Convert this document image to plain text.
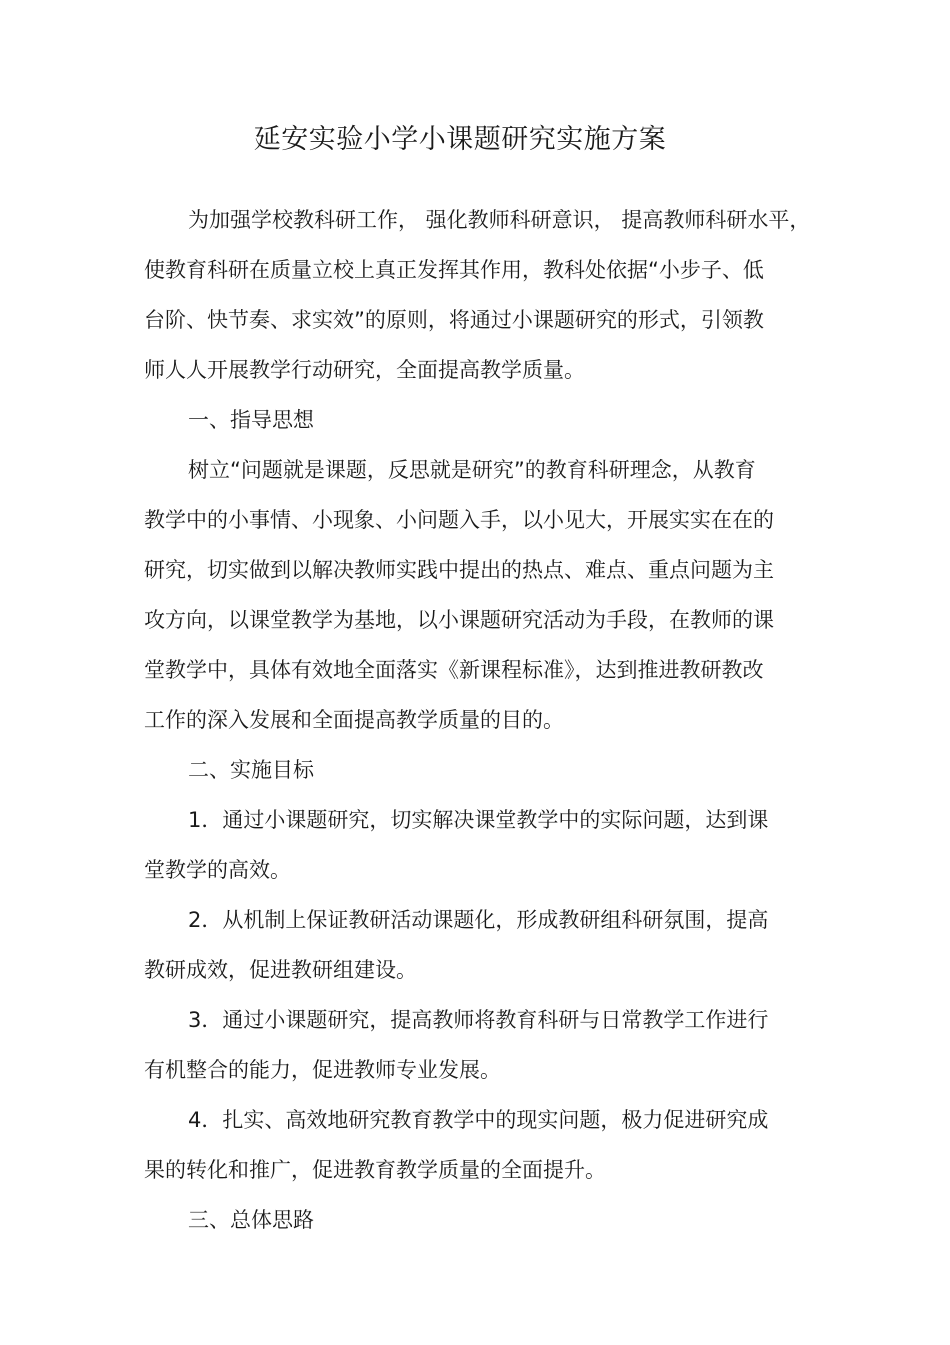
延安实验小学小课题研究实施方案
为加强学校教科研工作， 强化教师科研意识， 提高教师科研水平，
使教育科研在质量立校上真正发挥其作用，教科处依据“小步子、低
台阶、快节奏、求实效”的原则，将通过小课题研究的形式，引领教
师人人开展教学行动研究，全面提高教学质量。
一、指导思想
树立“问题就是课题，反思就是研究”的教育科研理念，从教育
教学中的小事情、小现象、小问题入手，以小见大，开展实实在在的
研究，切实做到以解决教师实践中提出的热点、难点、重点问题为主
攻方向，以课堂教学为基地，以小课题研究活动为手段，在教师的课
堂教学中，具体有效地全面落实《新课程标准》，达到推进教研教改
工作的深入发展和全面提高教学质量的目的。
二、实施目标
1．通过小课题研究，切实解决课堂教学中的实际问题，达到课
堂教学的高效。
2．从机制上保证教研活动课题化，形成教研组科研氛围，提高
教研成效，促进教研组建设。
3．通过小课题研究，提高教师将教育科研与日常教学工作进行
有机整合的能力，促进教师专业发展。
4．扎实、高效地研究教育教学中的现实问题，极力促进研究成
果的转化和推广，促进教育教学质量的全面提升。
三、总体思路
